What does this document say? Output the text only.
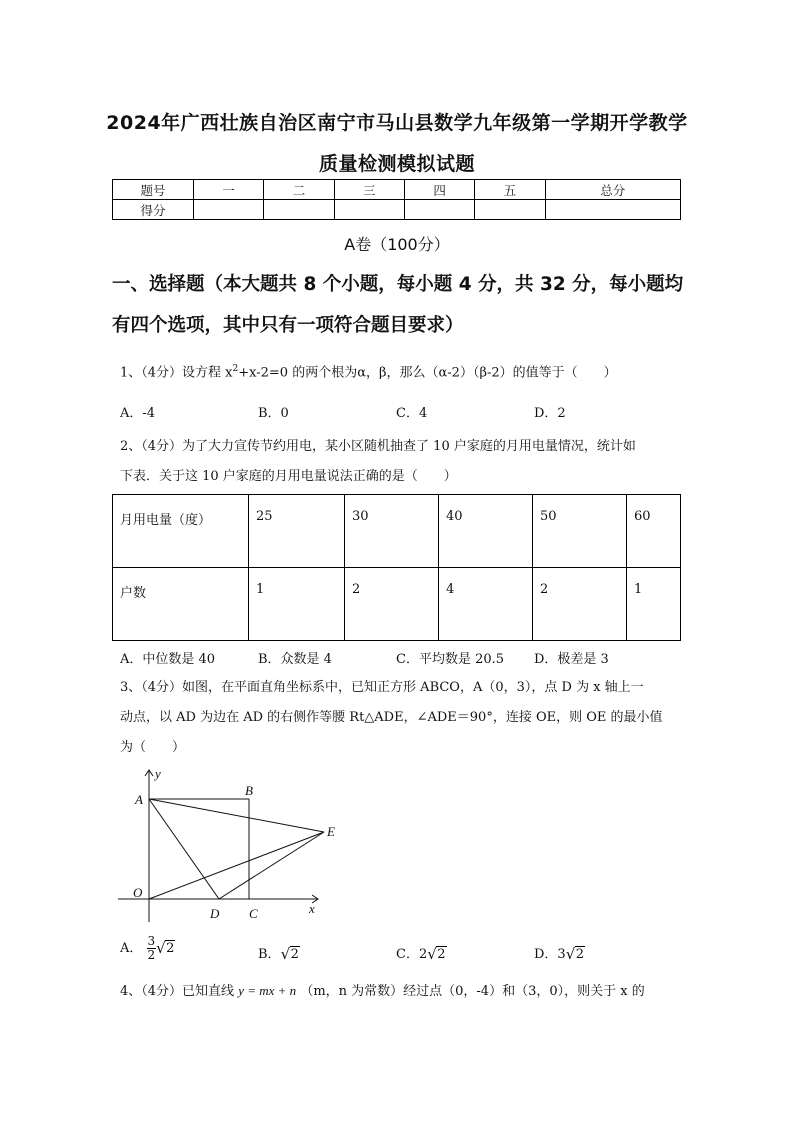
2024年广西壮族自治区南宁市马山县数学九年级第一学期开学教学
质量检测模拟试题
题号	一	二	三	四	五	总分
得分						
A卷（100分）
一、选择题（本大题共 8 个小题，每小题 4 分，共 32 分，每小题均
有四个选项，其中只有一项符合题目要求）
1、（4分）设方程 $x^2+x-2=0$ 的两个根为α，β，那么（α-2）（β-2）的值等于（　　）
A．-4	B．0	C．4	D．2
2、（4分）为了大力宣传节约用电，某小区随机抽查了 10 户家庭的月用电量情况，统计如
下表．关于这 10 户家庭的月用电量说法正确的是（　　）
月用电量（度）	25	30	40	50	60
户数	1	2	4	2	1
A．中位数是 40	B．众数是 4	C．平均数是 20.5 D．极差是 3
3、（4分）如图，在平面直角坐标系中，已知正方形 ABCO，A（0，3），点 D 为 x 轴上一
动点，以 AD 为边在 AD 的右侧作等腰 Rt△ADE，∠ADE＝90°，连接 OE，则 OE 的最小值
为（　　）
y
A
B
E
O
D C	x
A． $\frac{3}{2}$ √ 2	B． √ 2	C．2 √ 2	D．3 √ 2
4、（4分）已知直线 y = mx + n （m，n 为常数）经过点（0，-4）和（3，0），则关于 x 的
